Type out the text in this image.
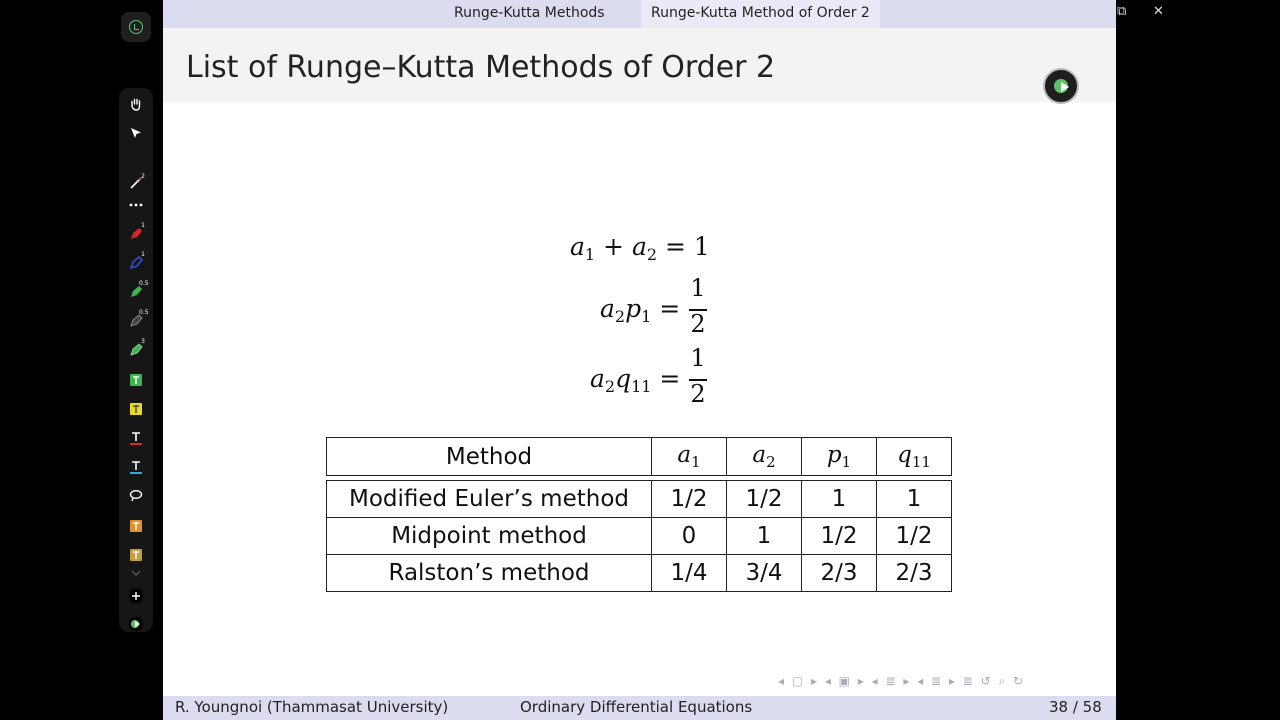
⧉ ✕
2
1
1
0.5
0.5
3
Runge-Kutta Methods	Runge-Kutta Method of Order 2
List of Runge–Kutta Methods of Order 2
$a_1 + a_2 = 1$
$a_2p_1$ =
1
2
$a_2q_{11}$ =
1
2
Method	$a_1$	$a_2$	$p_1$	$q_{11}$

Modified Euler’s method	1/2	1/2	1	1
Midpoint method	0	1	1/2	1/2
Ralston’s method	1/4	3/4	2/3	2/3
◂ ▢ ▸ ◂ ▣ ▸ ◂ ≣ ▸ ◂ ≣ ▸ ≣ ↺ ⌕ ↻
R. Youngnoi (Thammasat University)	Ordinary Differential Equations	38 / 58
